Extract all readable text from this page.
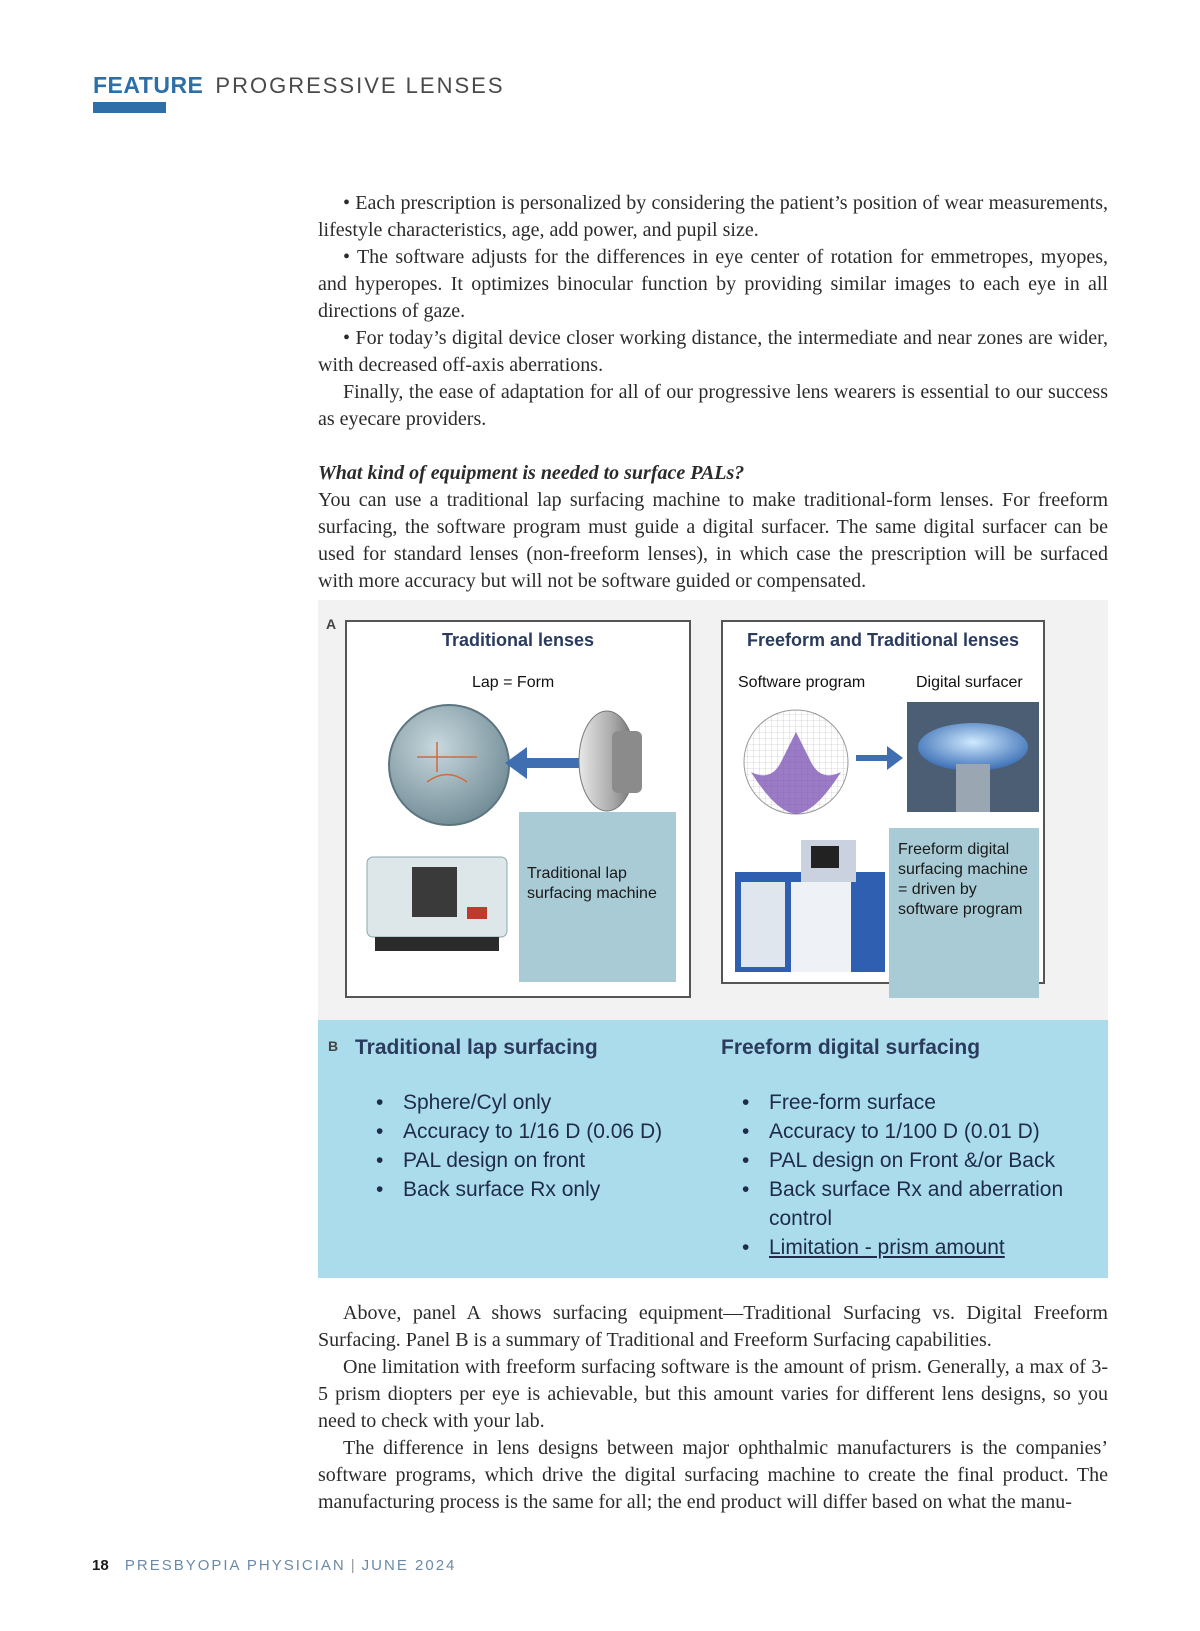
FEATURE PROGRESSIVE LENSES

• Each prescription is personalized by considering the patient’s position of wear measurements, lifestyle characteristics, age, add power, and pupil size.

• The software adjusts for the differences in eye center of rotation for emmetropes, myopes, and hyperopes. It optimizes binocular function by providing similar images to each eye in all directions of gaze.

• For today’s digital device closer working distance, the intermediate and near zones are wider, with decreased off-axis aberrations.

Finally, the ease of adaptation for all of our progressive lens wearers is essential to our success as eyecare providers.

What kind of equipment is needed to surface PALs?

You can use a traditional lap surfacing machine to make traditional-form lenses. For freeform surfacing, the software program must guide a digital surfacer. The same digital surfacer can be used for standard lenses (non-freeform lenses), in which case the prescription will be surfaced with more accuracy but will not be software guided or compensated.

A
Traditional lenses
Lap = Form
Traditional lap surfacing machine
Freeform and Traditional lenses
Software program	Digital surfacer
Freeform digital surfacing machine = driven by software program
B Traditional lap surfacing	Freeform digital surfacing
• Sphere/Cyl only
• Accuracy to 1/16 D (0.06 D)
• PAL design on front
• Back surface Rx only
• Free-form surface
• Accuracy to 1/100 D (0.01 D)
• PAL design on Front &/or Back
• Back surface Rx and aberration control
• Limitation - prism amount

Above, panel A shows surfacing equipment—Traditional Surfacing vs. Digital Freeform Surfacing. Panel B is a summary of Traditional and Freeform Surfacing capabilities.

One limitation with freeform surfacing software is the amount of prism. Generally, a max of 3-5 prism diopters per eye is achievable, but this amount varies for different lens designs, so you need to check with your lab.

The difference in lens designs between major ophthalmic manufacturers is the companies’ software programs, which drive the digital surfacing machine to create the final product. The manufacturing process is the same for all; the end product will differ based on what the manu-

18 PRESBYOPIA PHYSICIAN | JUNE 2024
